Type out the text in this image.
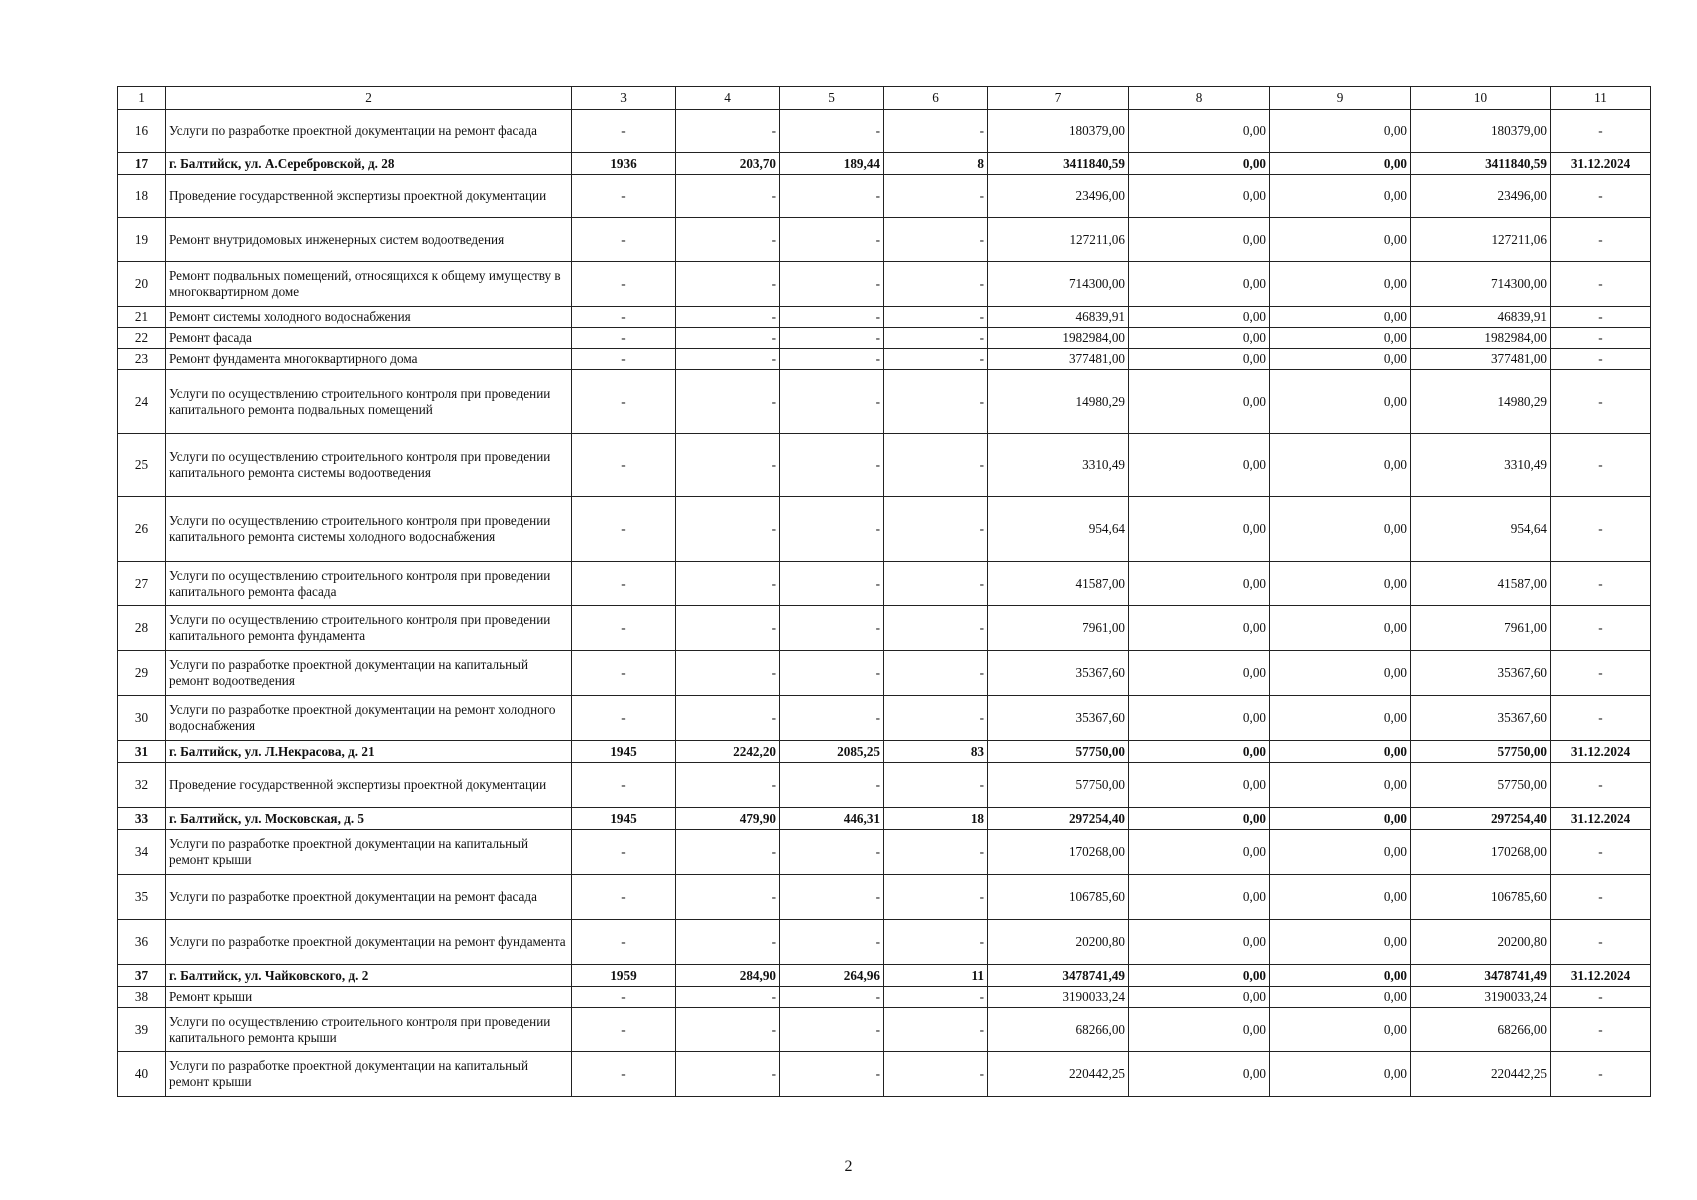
1	2	3	4	5	6	7	8	9	10	11
16	Услуги по разработке проектной документации на ремонт фасада	-	-	-	-	180379,00	0,00	0,00	180379,00	-
17	г. Балтийск, ул. А.Серебровской, д. 28	1936	203,70	189,44	8	3411840,59	0,00	0,00	3411840,59	31.12.2024
18	Проведение государственной экспертизы проектной документации	-	-	-	-	23496,00	0,00	0,00	23496,00	-
19	Ремонт внутридомовых инженерных систем водоотведения	-	-	-	-	127211,06	0,00	0,00	127211,06	-
20	Ремонт подвальных помещений, относящихся к общему имуществу в многоквартирном доме	-	-	-	-	714300,00	0,00	0,00	714300,00	-
21	Ремонт системы холодного водоснабжения	-	-	-	-	46839,91	0,00	0,00	46839,91	-
22	Ремонт фасада	-	-	-	-	1982984,00	0,00	0,00	1982984,00	-
23	Ремонт фундамента многоквартирного дома	-	-	-	-	377481,00	0,00	0,00	377481,00	-
24	Услуги по осуществлению строительного контроля при проведении капитального ремонта подвальных помещений	-	-	-	-	14980,29	0,00	0,00	14980,29	-
25	Услуги по осуществлению строительного контроля при проведении капитального ремонта системы водоотведения	-	-	-	-	3310,49	0,00	0,00	3310,49	-
26	Услуги по осуществлению строительного контроля при проведении капитального ремонта системы холодного водоснабжения	-	-	-	-	954,64	0,00	0,00	954,64	-
27	Услуги по осуществлению строительного контроля при проведении капитального ремонта фасада	-	-	-	-	41587,00	0,00	0,00	41587,00	-
28	Услуги по осуществлению строительного контроля при проведении капитального ремонта фундамента	-	-	-	-	7961,00	0,00	0,00	7961,00	-
29	Услуги по разработке проектной документации на капитальный ремонт водоотведения	-	-	-	-	35367,60	0,00	0,00	35367,60	-
30	Услуги по разработке проектной документации на ремонт холодного водоснабжения	-	-	-	-	35367,60	0,00	0,00	35367,60	-
31	г. Балтийск, ул. Л.Некрасова, д. 21	1945	2242,20	2085,25	83	57750,00	0,00	0,00	57750,00	31.12.2024
32	Проведение государственной экспертизы проектной документации	-	-	-	-	57750,00	0,00	0,00	57750,00	-
33	г. Балтийск, ул. Московская, д. 5	1945	479,90	446,31	18	297254,40	0,00	0,00	297254,40	31.12.2024
34	Услуги по разработке проектной документации на капитальный ремонт крыши	-	-	-	-	170268,00	0,00	0,00	170268,00	-
35	Услуги по разработке проектной документации на ремонт фасада	-	-	-	-	106785,60	0,00	0,00	106785,60	-
36	Услуги по разработке проектной документации на ремонт фундамента	-	-	-	-	20200,80	0,00	0,00	20200,80	-
37	г. Балтийск, ул. Чайковского, д. 2	1959	284,90	264,96	11	3478741,49	0,00	0,00	3478741,49	31.12.2024
38	Ремонт крыши	-	-	-	-	3190033,24	0,00	0,00	3190033,24	-
39	Услуги по осуществлению строительного контроля при проведении капитального ремонта крыши	-	-	-	-	68266,00	0,00	0,00	68266,00	-
40	Услуги по разработке проектной документации на капитальный ремонт крыши	-	-	-	-	220442,25	0,00	0,00	220442,25	-
2
